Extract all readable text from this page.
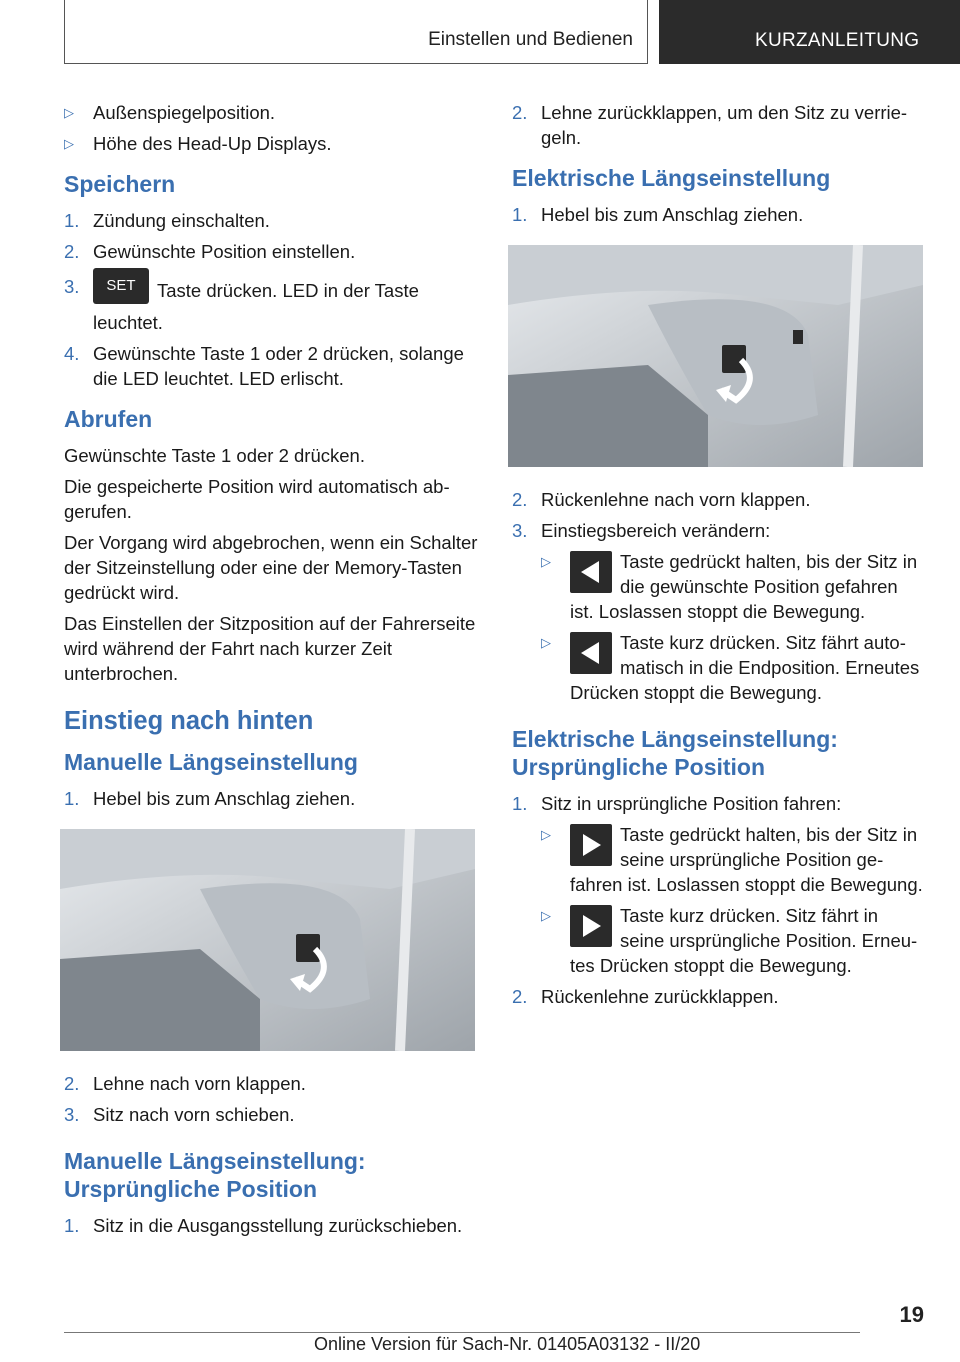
Einstellen und Bedienen	KURZANLEITUNG
▷	Außenspiegelposition.
▷	Höhe des Head-Up Displays.
Speichern
1. Zündung einschalten.
2. Gewünschte Position einstellen.
3.	SET Taste drücken. LED in der Taste leuchtet.
4. Gewünschte Taste 1 oder 2 drücken, solange die LED leuchtet. LED erlischt.
Abrufen

Gewünschte Taste 1 oder 2 drücken.

Die gespeicherte Position wird automatisch abgerufen.

Der Vorgang wird abgebrochen, wenn ein Schalter der Sitzeinstellung oder eine der Memory-Tasten gedrückt wird.

Das Einstellen der Sitzposition auf der Fahrerseite wird während der Fahrt nach kurzer Zeit unterbrochen.

Einstieg nach hinten
Manuelle Längseinstellung
1. Hebel bis zum Anschlag ziehen.
2. Lehne nach vorn klappen.
3. Sitz nach vorn schieben.
Manuelle Längseinstellung: Ursprüngliche Position
1. Sitz in die Ausgangsstellung zurückschieben.
2. Lehne zurückklappen, um den Sitz zu verriegeln.
Elektrische Längseinstellung
1. Hebel bis zum Anschlag ziehen.
2. Rückenlehne nach vorn klappen.
3. Einstiegsbereich verändern:
▷	Taste gedrückt halten, bis der Sitz in die gewünschte Position gefahren ist. Loslassen stoppt die Bewegung.
▷	Taste kurz drücken. Sitz fährt automatisch in die Endposition. Erneutes Drücken stoppt die Bewegung.
Elektrische Längseinstellung: Ursprüngliche Position
1. Sitz in ursprüngliche Position fahren:
▷	Taste gedrückt halten, bis der Sitz in seine ursprüngliche Position gefahren ist. Loslassen stoppt die Bewegung.
▷	Taste kurz drücken. Sitz fährt in seine ursprüngliche Position. Erneutes Drücken stoppt die Bewegung.
2. Rückenlehne zurückklappen.
19
Online Version für Sach-Nr. 01405A03132 - II/20
